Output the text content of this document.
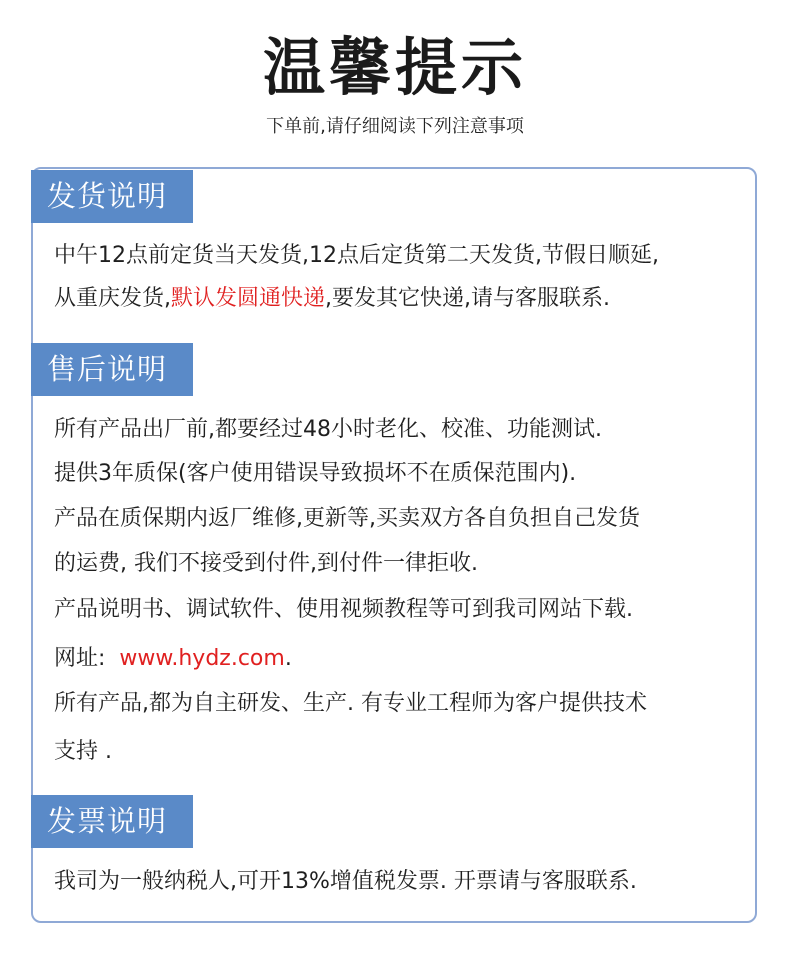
温馨提示
下单前,请仔细阅读下列注意事项
发货说明
中午12点前定货当天发货,12点后定货第二天发货,节假日顺延,
从重庆发货,默认发圆通快递,要发其它快递,请与客服联系.
售后说明
所有产品出厂前,都要经过48小时老化、校准、功能测试.
提供3年质保(客户使用错误导致损坏不在质保范围内).
产品在质保期内返厂维修,更新等,买卖双方各自负担自己发货
的运费, 我们不接受到付件,到付件一律拒收.
产品说明书、调试软件、使用视频教程等可到我司网站下载.
网址:  www.hydz.com.
所有产品,都为自主研发、生产. 有专业工程师为客户提供技术
支持 .
发票说明
我司为一般纳税人,可开13%增值税发票. 开票请与客服联系.
